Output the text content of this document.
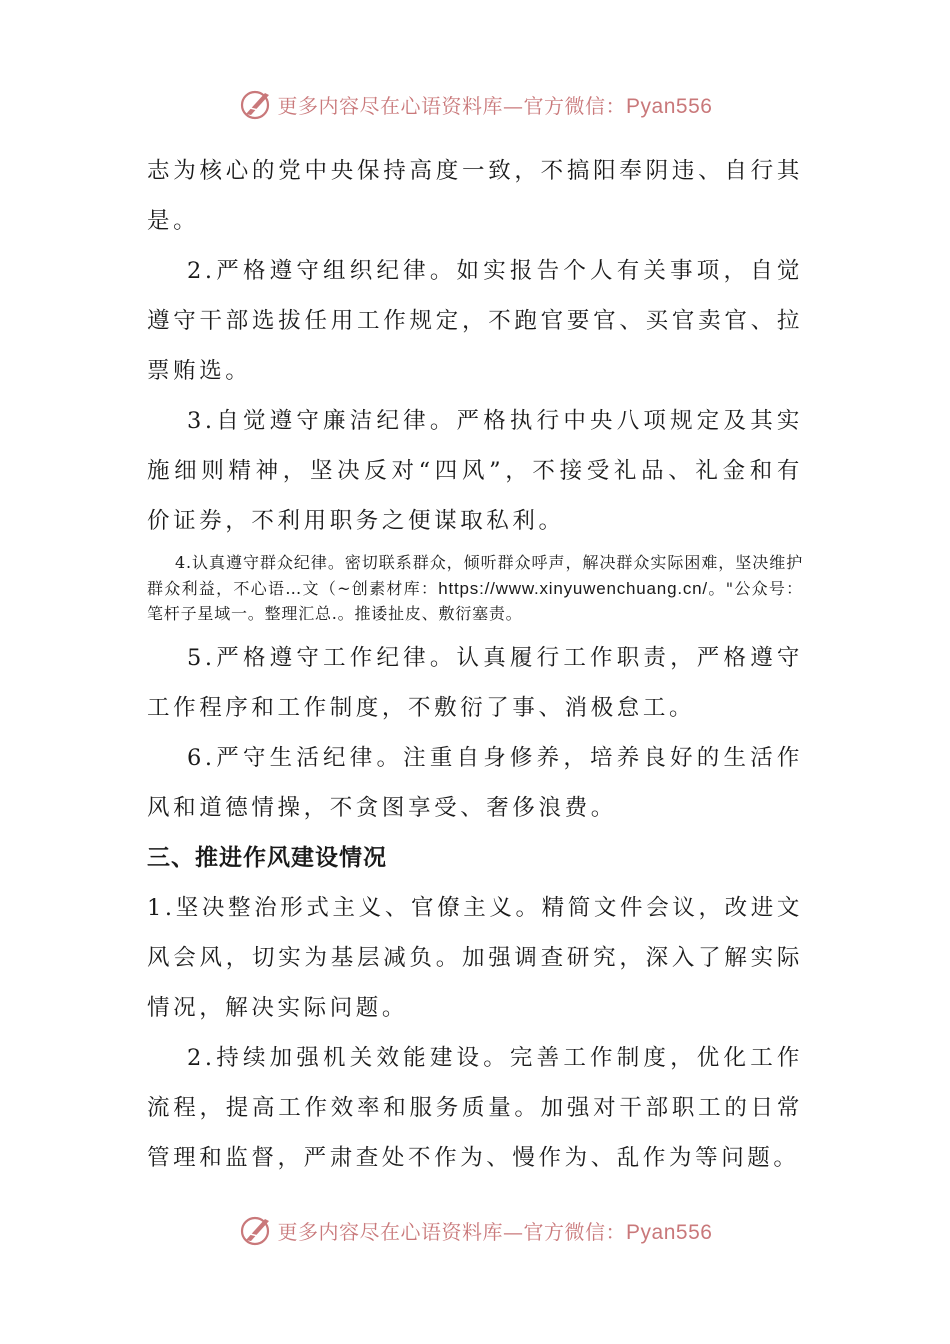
更多内容尽在心语资料库—官方微信：Pyan556

志为核心的党中央保持高度一致，不搞阳奉阴违、自行其是。

2.严格遵守组织纪律。如实报告个人有关事项，自觉遵守干部选拔任用工作规定，不跑官要官、买官卖官、拉票贿选。

3.自觉遵守廉洁纪律。严格执行中央八项规定及其实施细则精神，坚决反对“四风”，不接受礼品、礼金和有价证券，不利用职务之便谋取私利。

4.认真遵守群众纪律。密切联系群众，倾听群众呼声，解决群众实际困难，坚决维护群众利益，不心语…文（~创素材库：https://www.xinyuwenchuang.cn/。"公众号：笔杆子星域一。整理汇总.。推诿扯皮、敷衍塞责。

5.严格遵守工作纪律。认真履行工作职责，严格遵守工作程序和工作制度，不敷衍了事、消极怠工。

6.严守生活纪律。注重自身修养，培养良好的生活作风和道德情操，不贪图享受、奢侈浪费。

三、推进作风建设情况

1.坚决整治形式主义、官僚主义。精简文件会议，改进文风会风，切实为基层减负。加强调查研究，深入了解实际情况，解决实际问题。

2.持续加强机关效能建设。完善工作制度，优化工作流程，提高工作效率和服务质量。加强对干部职工的日常管理和监督，严肃查处不作为、慢作为、乱作为等问题。

更多内容尽在心语资料库—官方微信：Pyan556
